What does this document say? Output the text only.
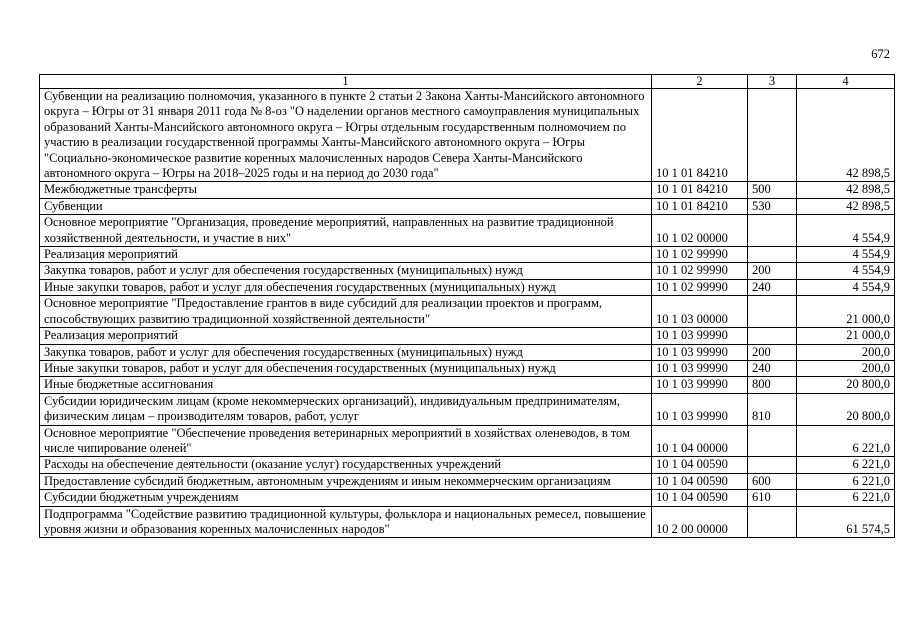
672
1	2	3	4
Субвенции на реализацию полномочия, указанного в пункте 2 статьи 2 Закона Ханты-Мансийского автономного округа – Югры от 31 января 2011 года № 8-оз "О наделении органов местного самоуправления муниципальных образований Ханты-Мансийского автономного округа – Югры отдельным государственным полномочием по участию в реализации государственной программы Ханты-Мансийского автономного округа – Югры "Социально-экономическое развитие коренных малочисленных народов Севера Ханты-Мансийского автономного округа – Югры на 2018–2025 годы и на период до 2030 года"	10 1 01 84210		42 898,5
Межбюджетные трансферты	10 1 01 84210	500	42 898,5
Субвенции	10 1 01 84210	530	42 898,5
Основное мероприятие "Организация, проведение мероприятий, направленных на развитие традиционной хозяйственной деятельности, и участие в них"	10 1 02 00000		4 554,9
Реализация мероприятий	10 1 02 99990		4 554,9
Закупка товаров, работ и услуг для обеспечения государственных (муниципальных) нужд	10 1 02 99990	200	4 554,9
Иные закупки товаров, работ и услуг для обеспечения государственных (муниципальных) нужд	10 1 02 99990	240	4 554,9
Основное мероприятие "Предоставление грантов в виде субсидий для реализации проектов и программ, способствующих развитию традиционной хозяйственной деятельности"	10 1 03 00000		21 000,0
Реализация мероприятий	10 1 03 99990		21 000,0
Закупка товаров, работ и услуг для обеспечения государственных (муниципальных) нужд	10 1 03 99990	200	200,0
Иные закупки товаров, работ и услуг для обеспечения государственных (муниципальных) нужд	10 1 03 99990	240	200,0
Иные бюджетные ассигнования	10 1 03 99990	800	20 800,0
Субсидии юридическим лицам (кроме некоммерческих организаций), индивидуальным предпринимателям, физическим лицам – производителям товаров, работ, услуг	10 1 03 99990	810	20 800,0
Основное мероприятие "Обеспечение проведения ветеринарных мероприятий в хозяйствах оленеводов, в том числе чипирование оленей"	10 1 04 00000		6 221,0
Расходы на обеспечение деятельности (оказание услуг) государственных учреждений	10 1 04 00590		6 221,0
Предоставление субсидий бюджетным, автономным учреждениям и иным некоммерческим организациям	10 1 04 00590	600	6 221,0
Субсидии бюджетным учреждениям	10 1 04 00590	610	6 221,0
Подпрограмма "Содействие развитию традиционной культуры, фольклора и национальных ремесел, повышение уровня жизни и образования коренных малочисленных народов"	10 2 00 00000		61 574,5
